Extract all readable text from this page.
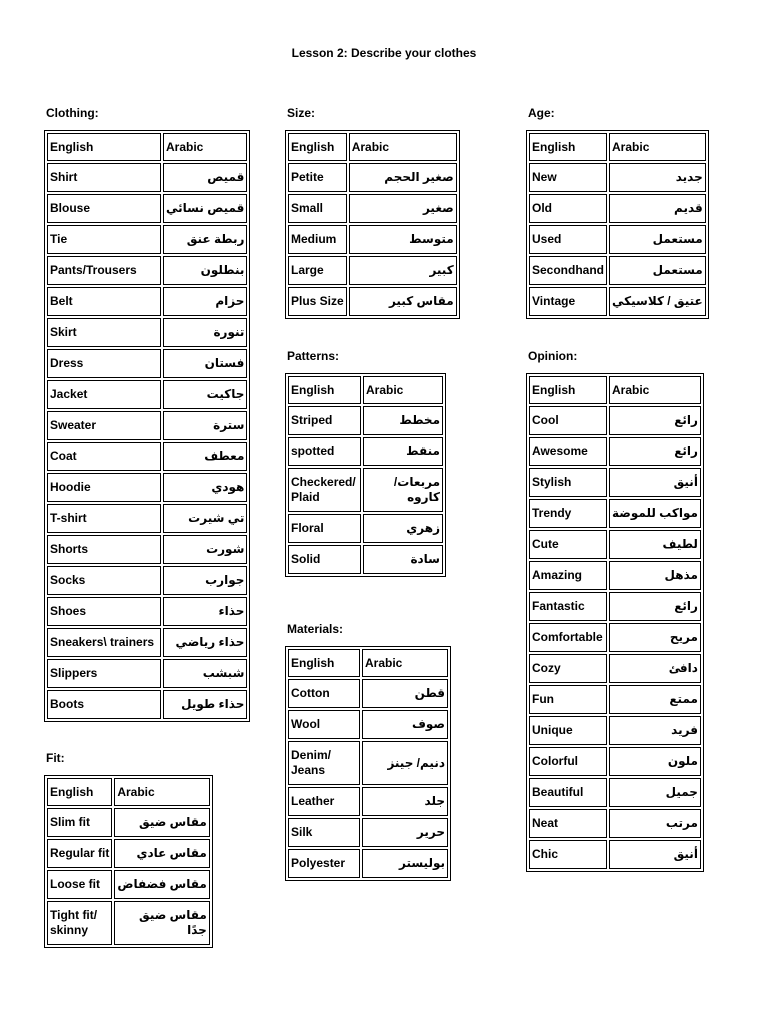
Lesson 2: Describe your clothes
Clothing:
English	Arabic
Shirt	قميص
Blouse	قميص نسائي
Tie	ربطة عنق
Pants/Trousers	بنطلون
Belt	حزام
Skirt	تنورة
Dress	فستان
Jacket	جاكيت
Sweater	سترة
Coat	معطف
Hoodie	هودي
T-shirt	تي شيرت
Shorts	شورت
Socks	جوارب
Shoes	حذاء
Sneakers\ trainers	حذاء رياضي
Slippers	شبشب
Boots	حذاء طويل
Fit:
English	Arabic
Slim fit	مقاس ضيق
Regular fit	مقاس عادي
Loose fit	مقاس فضفاض
Tight fit/ skinny	مقاس ضيق جدًا
Size:
English	Arabic
Petite	صغير الحجم
Small	صغير
Medium	متوسط
Large	كبير
Plus Size	مقاس كبير
Patterns:
English	Arabic
Striped	مخطط
spotted	منقط
Checkered/ Plaid	مربعات/كاروه
Floral	زهري
Solid	سادة
Materials:
English	Arabic
Cotton	قطن
Wool	صوف
Denim/ Jeans	دنيم/ جينز
Leather	جلد
Silk	حرير
Polyester	بوليستر
Age:
English	Arabic
New	جديد
Old	قديم
Used	مستعمل
Secondhand	مستعمل
Vintage	عتيق / كلاسيكي
Opinion:
English	Arabic
Cool	رائع
Awesome	رائع
Stylish	أنيق
Trendy	مواكب للموضة
Cute	لطيف
Amazing	مذهل
Fantastic	رائع
Comfortable	مريح
Cozy	دافئ
Fun	ممتع
Unique	فريد
Colorful	ملون
Beautiful	جميل
Neat	مرتب
Chic	أنيق
